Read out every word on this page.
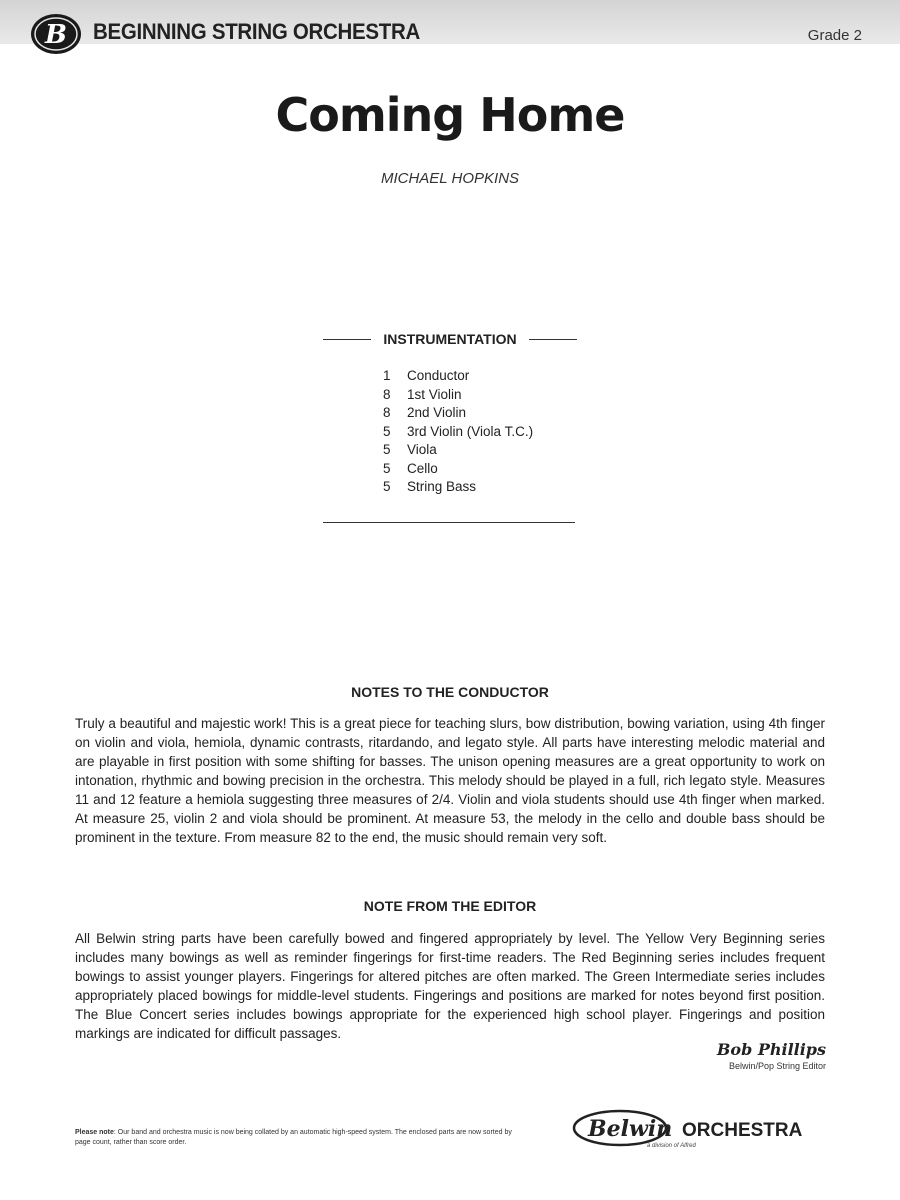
B BEGINNING STRING ORCHESTRA	Grade 2
Coming Home
MICHAEL HOPKINS
INSTRUMENTATION
1	Conductor
8	1st Violin
8	2nd Violin
5	3rd Violin (Viola T.C.)
5	Viola
5	Cello
5	String Bass
NOTES TO THE CONDUCTOR
Truly a beautiful and majestic work! This is a great piece for teaching slurs, bow distribution, bowing variation, using 4th finger on violin and viola, hemiola, dynamic contrasts, ritardando, and legato style. All parts have interesting melodic material and are playable in first position with some shifting for basses. The unison opening measures are a great opportunity to work on intonation, rhythmic and bowing precision in the orchestra. This melody should be played in a full, rich legato style. Measures 11 and 12 feature a hemiola suggesting three measures of 2/4. Violin and viola students should use 4th finger when marked. At measure 25, violin 2 and viola should be prominent. At measure 53, the melody in the cello and double bass should be prominent in the texture. From measure 82 to the end, the music should remain very soft.
NOTE FROM THE EDITOR
All Belwin string parts have been carefully bowed and fingered appropriately by level. The Yellow Very Beginning series includes many bowings as well as reminder fingerings for first-time readers. The Red Beginning series includes frequent bowings to assist younger players. Fingerings for altered pitches are often marked. The Green Intermediate series includes appropriately placed bowings for middle-level students. Fingerings and positions are marked for notes beyond first position. The Blue Concert series includes bowings appropriate for the experienced high school player. Fingerings and position markings are indicated for difficult passages.
Bob Phillips
Belwin/Pop String Editor
Please note: Our band and orchestra music is now being collated by an automatic high-speed system. The enclosed parts are now sorted by page count, rather than score order.
Belwin ORCHESTRA
a division of Alfred
